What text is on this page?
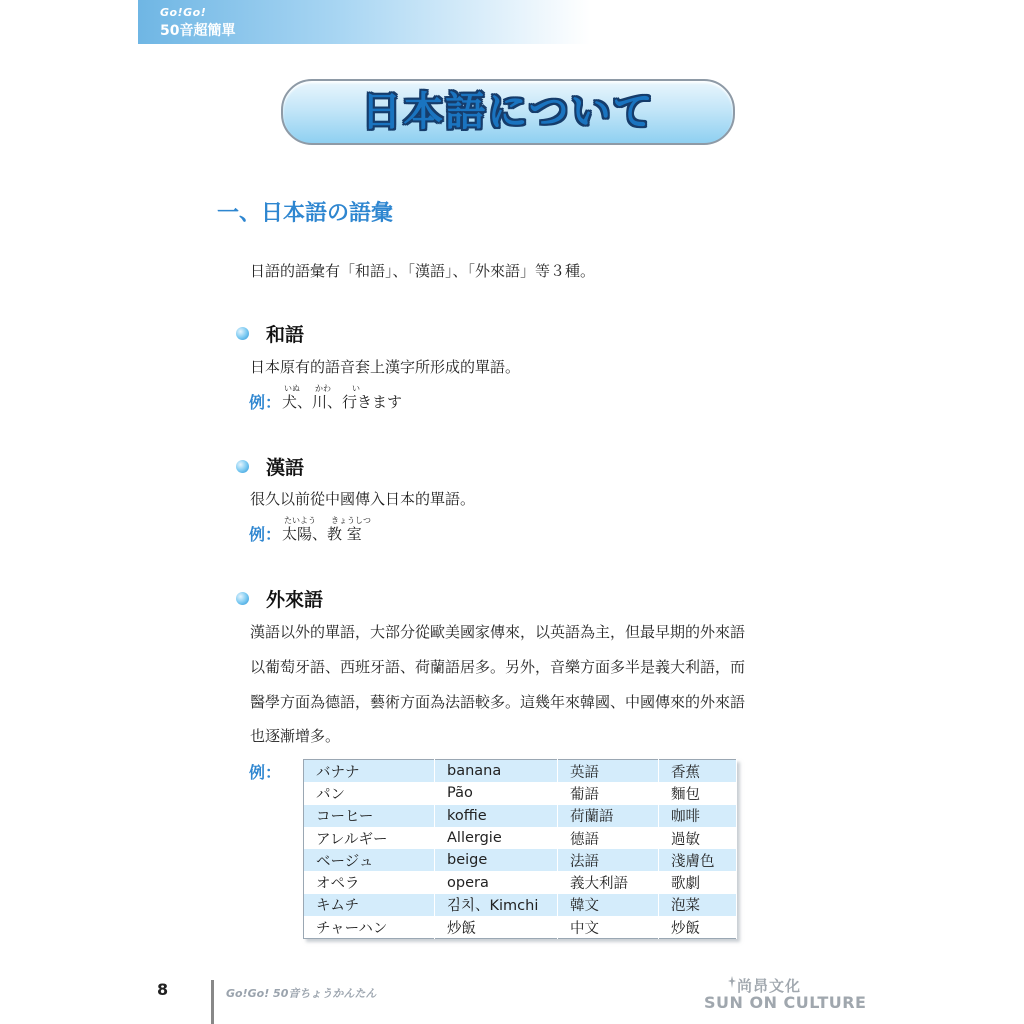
Go!Go!
50音超簡單
日本語について
一、日本語の語彙
日語的語彙有「和語」、「漢語」、「外來語」等３種。
和語
日本原有的語音套上漢字所形成的單語。
いぬ かわ	い
例： 犬、川、行きます
漢語
很久以前從中國傳入日本的單語。
たいよう きょうしつ
例： 太陽、教 室
外來語
漢語以外的單語，大部分從歐美國家傳來，以英語為主，但最早期的外來語
以葡萄牙語、西班牙語、荷蘭語居多。另外，音樂方面多半是義大利語，而
醫學方面為德語，藝術方面為法語較多。這幾年來韓國、中國傳來的外來語
也逐漸增多。
例： バナナ	banana	英語	香蕉
パン	Pão	葡語	麵包
コーヒー	koffie	荷蘭語	咖啡
アレルギー	Allergie	德語	過敏
ベージュ	beige	法語	淺膚色
オペラ	opera	義大利語	歌劇
キムチ	김치、Kimchi	韓文	泡菜
チャーハン	炒飯	中文	炒飯
8	Go!Go! 50音ちょうかんたん	尚昂文化
SUN ON CULTURE
